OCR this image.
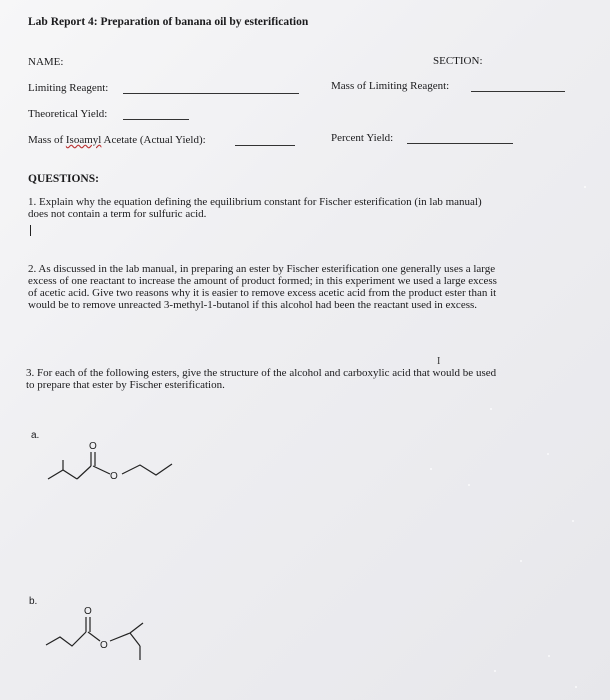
Lab Report 4: Preparation of banana oil by esterification
NAME:	SECTION:
Limiting Reagent:	Mass of Limiting Reagent:
Theoretical Yield:
Mass of Isoamyl Acetate (Actual Yield):	Percent Yield:
QUESTIONS:
1. Explain why the equation defining the equilibrium constant for Fischer esterification (in lab manual)
does not contain a term for sulfuric acid.
2. As discussed in the lab manual, in preparing an ester by Fischer esterification one generally uses a large
excess of one reactant to increase the amount of product formed; in this experiment we used a large excess
of acetic acid. Give two reasons why it is easier to remove excess acetic acid from the product ester than it
would be to remove unreacted 3-methyl-1-butanol if this alcohol had been the reactant used in excess.
I
3. For each of the following esters, give the structure of the alcohol and carboxylic acid that would be used
to prepare that ester by Fischer esterification.
a.
O
O
b.
O
O
